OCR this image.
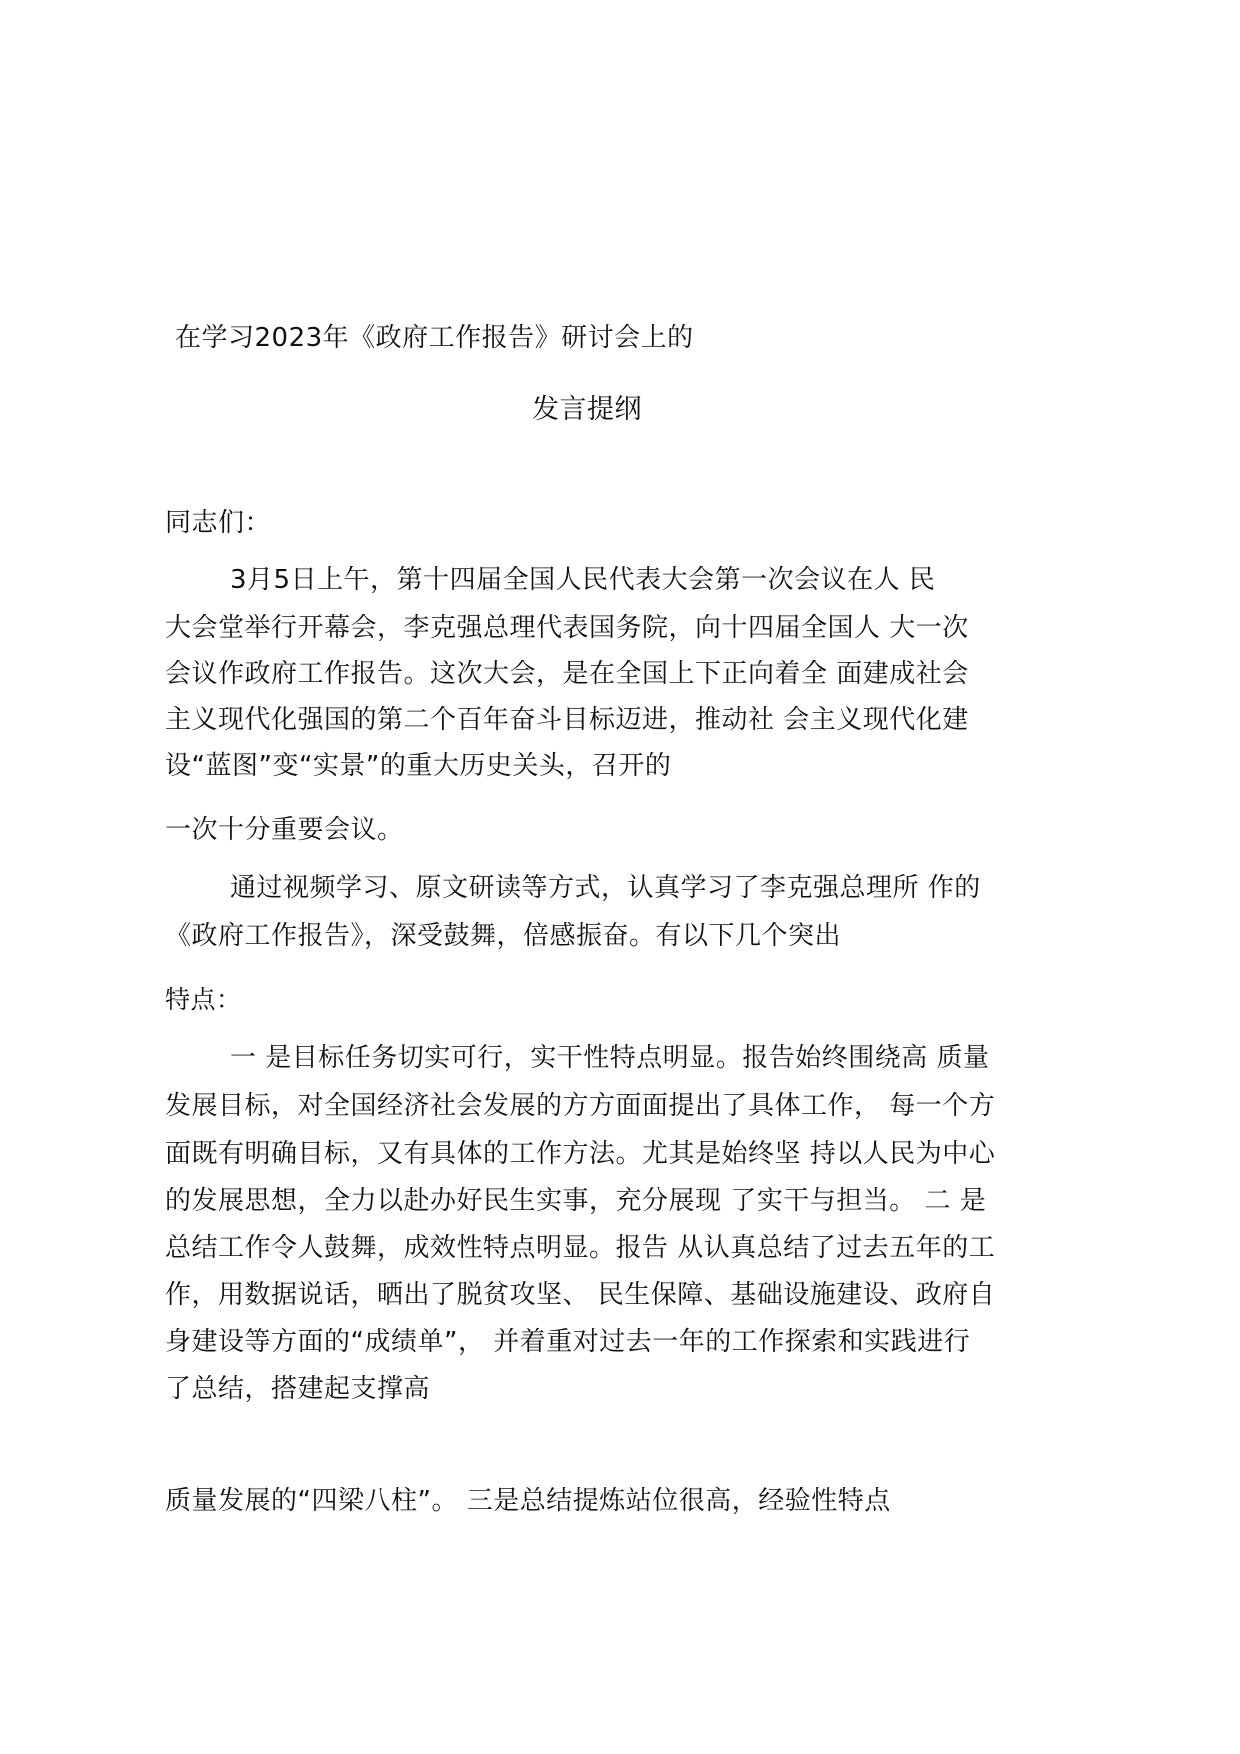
在学习2023年《政府工作报告》研讨会上的
发言提纲
同志们：
3月5日上午，第十四届全国人民代表大会第一次会议在人 民
大会堂举行开幕会，李克强总理代表国务院，向十四届全国人 大一次
会议作政府工作报告。这次大会，是在全国上下正向着全 面建成社会
主义现代化强国的第二个百年奋斗目标迈进，推动社 会主义现代化建
设“蓝图”变“实景”的重大历史关头，召开的
一次十分重要会议。
通过视频学习、原文研读等方式，认真学习了李克强总理所 作的
《政府工作报告》，深受鼓舞，倍感振奋。有以下几个突出
特点：
一 是目标任务切实可行，实干性特点明显。报告始终围绕高 质量
发展目标，对全国经济社会发展的方方面面提出了具体工作， 每一个方
面既有明确目标，又有具体的工作方法。尤其是始终坚 持以人民为中心
的发展思想，全力以赴办好民生实事，充分展现 了实干与担当。 二 是
总结工作令人鼓舞，成效性特点明显。报告 从认真总结了过去五年的工
作，用数据说话，晒出了脱贫攻坚、 民生保障、基础设施建设、政府自
身建设等方面的“成绩单”， 并着重对过去一年的工作探索和实践进行
了总结，搭建起支撑高
质量发展的“四梁八柱”。 三是总结提炼站位很高，经验性特点
